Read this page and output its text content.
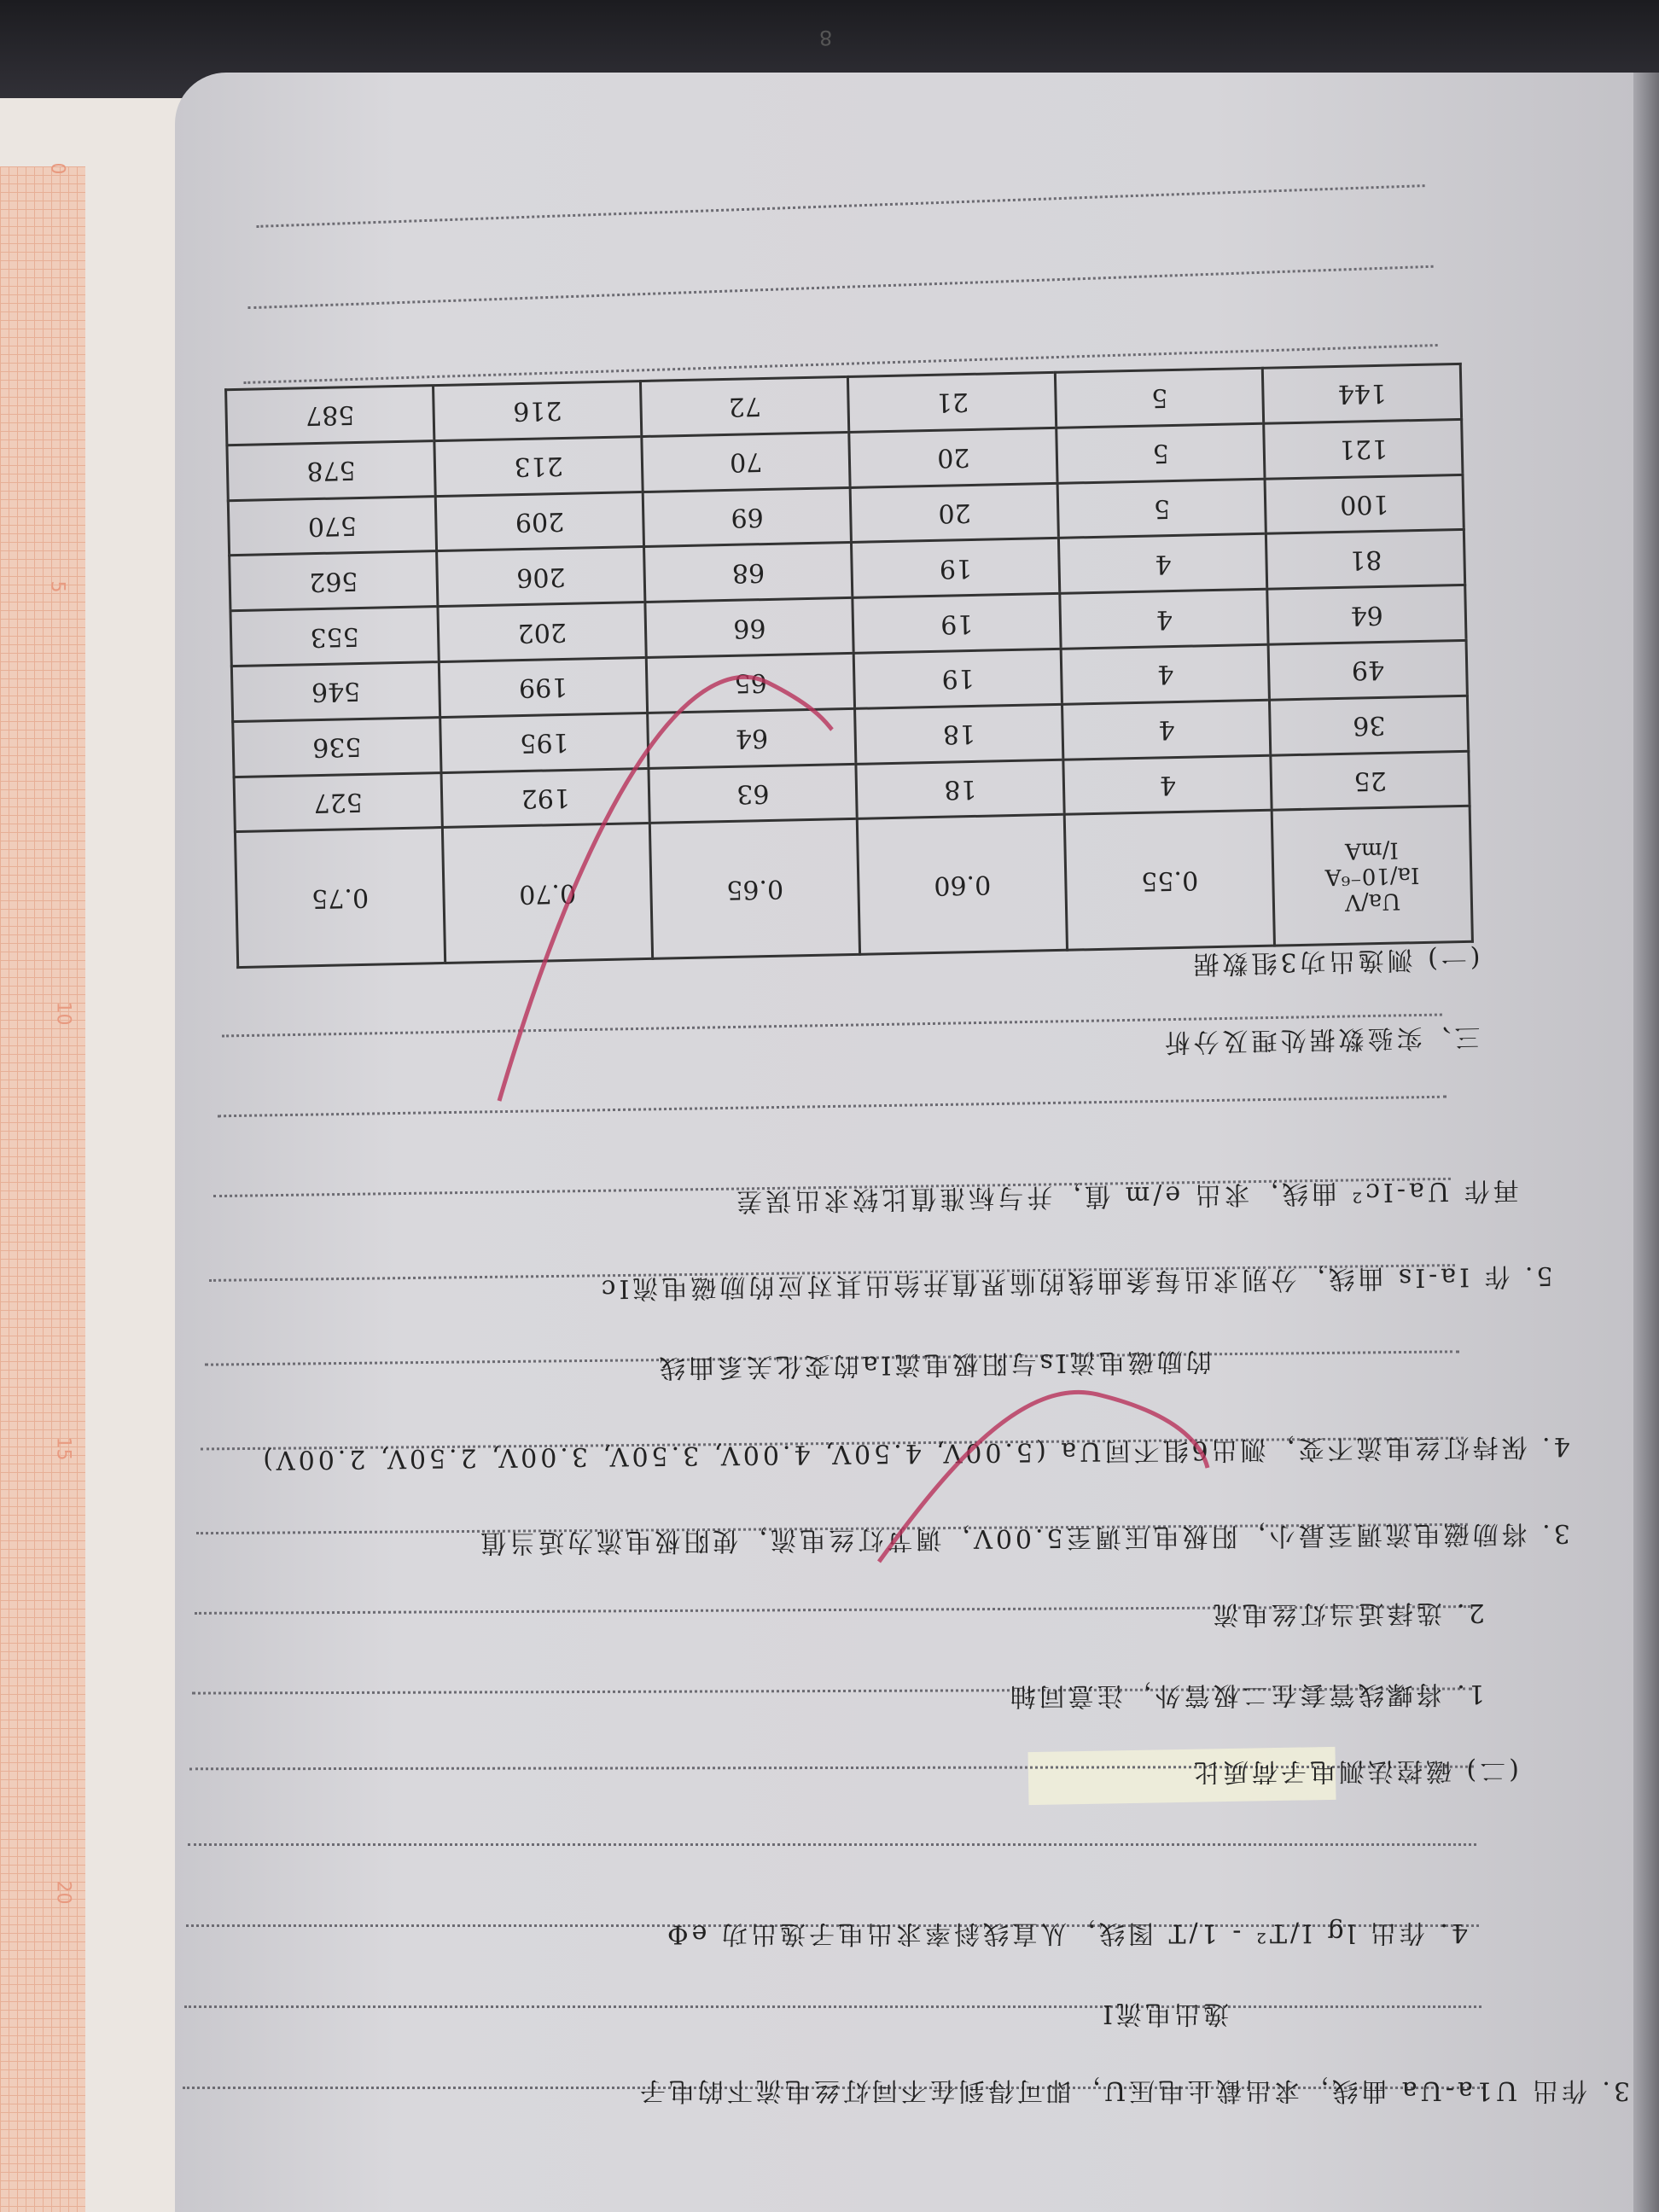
0
5
10
15
20
8
Ua/V
Ia/10⁻⁶A
I/mA	0.55	0.60	0.65	0.70	0.75
25	4	18	63	192	527
36	4	18	64	195	536
49	4	19	65	199	546
64	4	19	66	202	553
81	4	19	68	206	562
100	5	20	69	209	570
121	5	20	70	213	578
144	5	21	72	216	587
(一) 测逸出功3组数据
三、实验数据处理及分析
再作 Ua-Ic² 曲线，求出 e/m 值，并与标准值比较求出误差
5. 作 Ia-Is 曲线，分别求出每条曲线的临界值并给出其对应的励磁电流Ic
的励磁电流Is与阳极电流Ia的变化关系曲线
4. 保持灯丝电流不变，测出6组不同Ua (5.00V, 4.50V, 4.00V, 3.50V, 3.00V, 2.50V, 2.00V)
3. 将励磁电流调至最小，阳极电压调至5.00V，调节灯丝电流，使阳极电流为适当值
2. 选择适当灯丝电流
1. 将螺线管套在二极管外，注意同轴
(二) 磁控法测电子荷质比
4. 作出 lg I/T² - 1/T 图线，从直线斜率求出电子逸出功 eΦ
逸出电流I
3. 作出 U1a-Ua 曲线，求出截止电压U，即可得到在不同灯丝电流下的电子
